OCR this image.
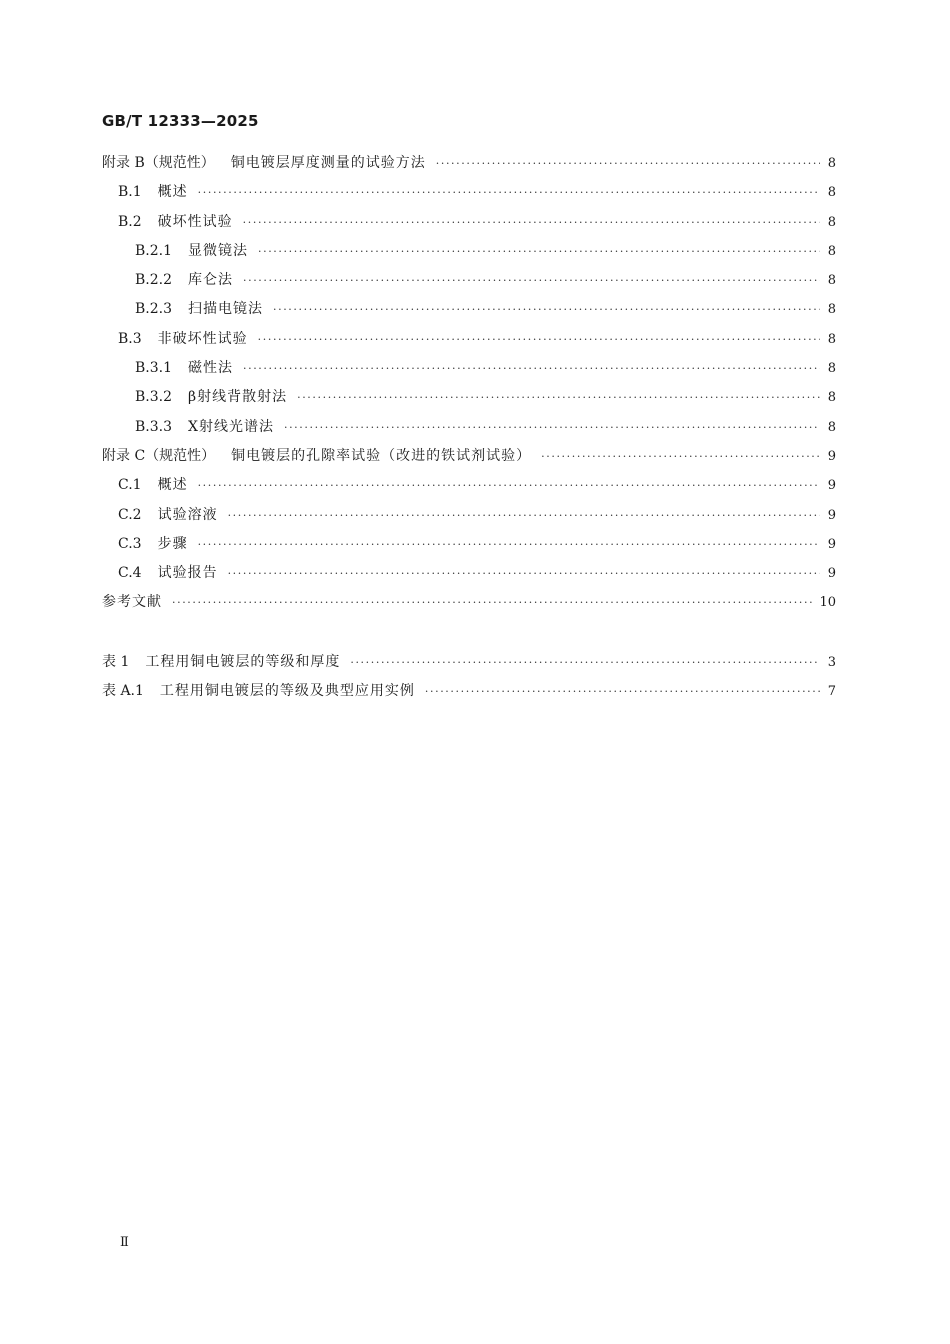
GB/T 12333—2025
附录 B（规范性） 铜电镀层厚度测量的试验方法 ·····	8
B.1 概述 ·····	8
B.2 破坏性试验 ·····	8
B.2.1 显微镜法 ·····	8
B.2.2 库仑法 ·····	8
B.2.3 扫描电镜法 ·····	8
B.3 非破坏性试验 ·····	8
B.3.1 磁性法 ·····	8
B.3.2 β射线背散射法 ·····	8
B.3.3 X射线光谱法 ·····	8
附录 C（规范性） 铜电镀层的孔隙率试验（改进的铁试剂试验） ·····	9
C.1 概述 ·····	9
C.2 试验溶液 ·····	9
C.3 步骤 ·····	9
C.4 试验报告 ·····	9
参考文献 ·····	10
表 1 工程用铜电镀层的等级和厚度 ·····	3
表 A.1 工程用铜电镀层的等级及典型应用实例 ·····	7
Ⅱ
